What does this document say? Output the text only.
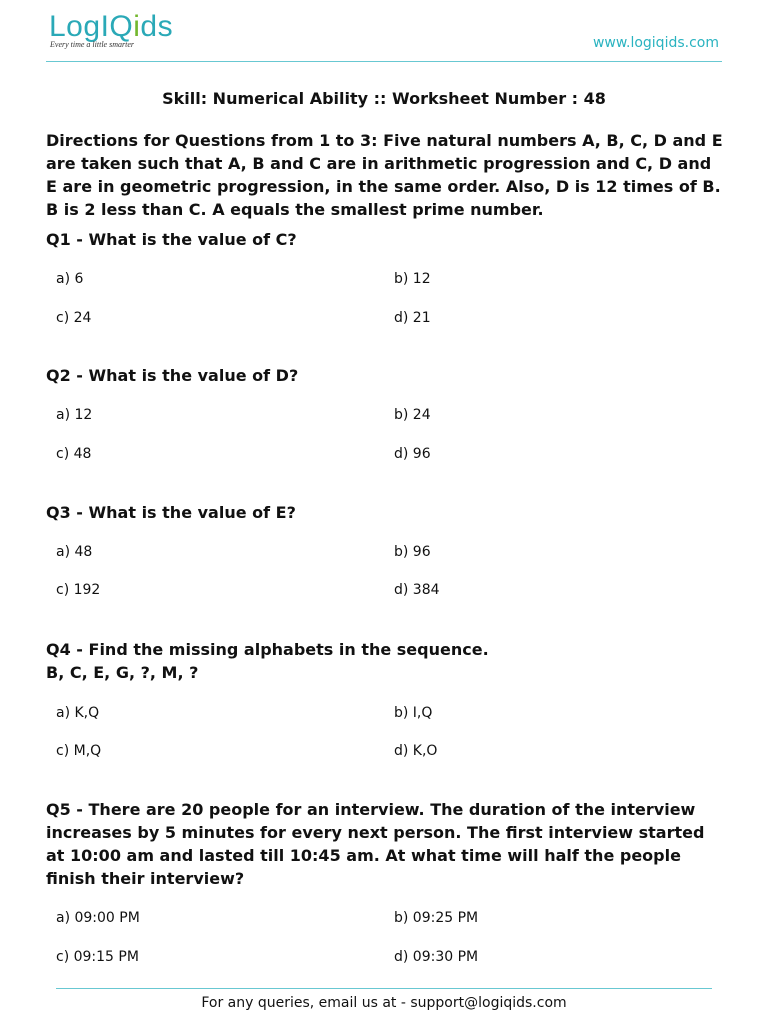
LogIQids
Every time a little smarter	www.logiqids.com
Skill: Numerical Ability :: Worksheet Number : 48
Directions for Questions from 1 to 3: Five natural numbers A, B, C, D and E are taken such that A, B and C are in arithmetic progression and C, D and E are in geometric progression, in the same order. Also, D is 12 times of B. B is 2 less than C. A equals the smallest prime number.
Q1 - What is the value of C?
a) 6	b) 12
c) 24	d) 21
Q2 - What is the value of D?
a) 12	b) 24
c) 48	d) 96
Q3 - What is the value of E?
a) 48	b) 96
c) 192	d) 384
Q4 - Find the missing alphabets in the sequence.
B, C, E, G, ?, M, ?
a) K,Q	b) I,Q
c) M,Q	d) K,O
Q5 - There are 20 people for an interview. The duration of the interview increases by 5 minutes for every next person. The first interview started at 10:00 am and lasted till 10:45 am. At what time will half the people finish their interview?
a) 09:00 PM	b) 09:25 PM
c) 09:15 PM	d) 09:30 PM
For any queries, email us at - support@logiqids.com
